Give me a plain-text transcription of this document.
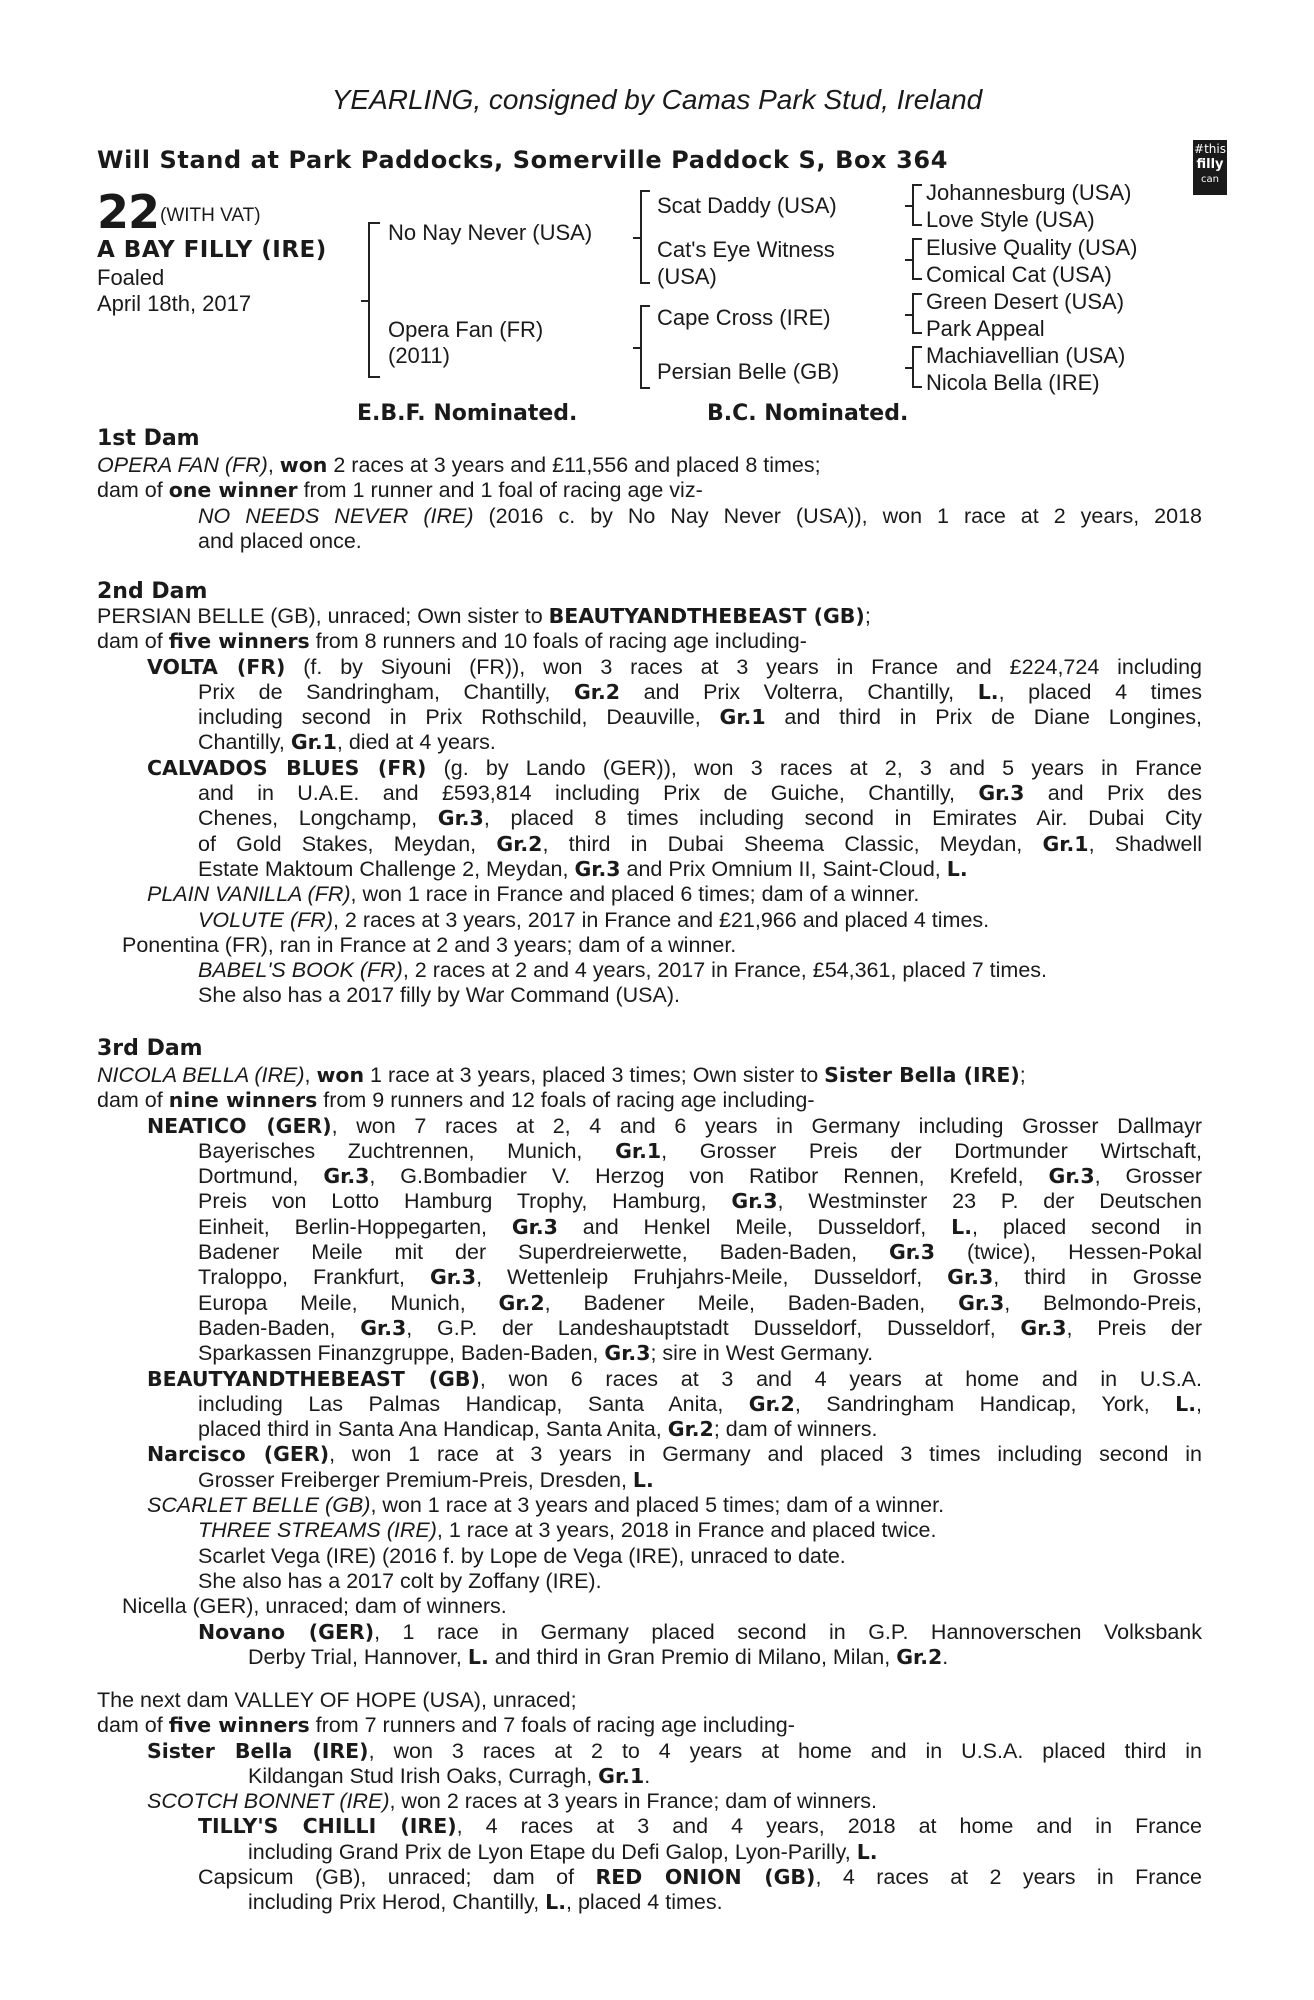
YEARLING, consigned by Camas Park Stud, Ireland
Will Stand at Park Paddocks, Somerville Paddock S, Box 364	#this
filly
can
22 (WITH VAT)
A BAY FILLY (IRE)
Foaled
April 18th, 2017
No Nay Never (USA)
Opera Fan (FR)
(2011)
Scat Daddy (USA)
Cat's Eye Witness
(USA)
Cape Cross (IRE)
Persian Belle (GB)
Johannesburg (USA)
Love Style (USA)
Elusive Quality (USA)
Comical Cat (USA)
Green Desert (USA)
Park Appeal
Machiavellian (USA)
Nicola Bella (IRE)
E.B.F. Nominated.	B.C. Nominated.
1st Dam
2nd Dam
3rd Dam
OPERA FAN (FR), won 2 races at 3 years and £11,556 and placed 8 times;
dam of one winner from 1 runner and 1 foal of racing age viz-
NO NEEDS NEVER (IRE) (2016 c. by No Nay Never (USA)), won 1 race at 2 years, 2018
and placed once.
PERSIAN BELLE (GB), unraced; Own sister to BEAUTYANDTHEBEAST (GB);
dam of five winners from 8 runners and 10 foals of racing age including-
VOLTA (FR) (f. by Siyouni (FR)), won 3 races at 3 years in France and £224,724 including
Prix de Sandringham, Chantilly, Gr.2 and Prix Volterra, Chantilly, L., placed 4 times
including second in Prix Rothschild, Deauville, Gr.1 and third in Prix de Diane Longines,
Chantilly, Gr.1, died at 4 years.
CALVADOS BLUES (FR) (g. by Lando (GER)), won 3 races at 2, 3 and 5 years in France
and in U.A.E. and £593,814 including Prix de Guiche, Chantilly, Gr.3 and Prix des
Chenes, Longchamp, Gr.3, placed 8 times including second in Emirates Air. Dubai City
of Gold Stakes, Meydan, Gr.2, third in Dubai Sheema Classic, Meydan, Gr.1, Shadwell
Estate Maktoum Challenge 2, Meydan, Gr.3 and Prix Omnium II, Saint-Cloud, L.
PLAIN VANILLA (FR), won 1 race in France and placed 6 times; dam of a winner.
VOLUTE (FR), 2 races at 3 years, 2017 in France and £21,966 and placed 4 times.
Ponentina (FR), ran in France at 2 and 3 years; dam of a winner.
BABEL'S BOOK (FR), 2 races at 2 and 4 years, 2017 in France, £54,361, placed 7 times.
She also has a 2017 filly by War Command (USA).
NICOLA BELLA (IRE), won 1 race at 3 years, placed 3 times; Own sister to Sister Bella (IRE);
dam of nine winners from 9 runners and 12 foals of racing age including-
NEATICO (GER), won 7 races at 2, 4 and 6 years in Germany including Grosser Dallmayr
Bayerisches Zuchtrennen, Munich, Gr.1, Grosser Preis der Dortmunder Wirtschaft,
Dortmund, Gr.3, G.Bombadier V. Herzog von Ratibor Rennen, Krefeld, Gr.3, Grosser
Preis von Lotto Hamburg Trophy, Hamburg, Gr.3, Westminster 23 P. der Deutschen
Einheit, Berlin-Hoppegarten, Gr.3 and Henkel Meile, Dusseldorf, L., placed second in
Badener Meile mit der Superdreierwette, Baden-Baden, Gr.3 (twice), Hessen-Pokal
Traloppo, Frankfurt, Gr.3, Wettenleip Fruhjahrs-Meile, Dusseldorf, Gr.3, third in Grosse
Europa Meile, Munich, Gr.2, Badener Meile, Baden-Baden, Gr.3, Belmondo-Preis,
Baden-Baden, Gr.3, G.P. der Landeshauptstadt Dusseldorf, Dusseldorf, Gr.3, Preis der
Sparkassen Finanzgruppe, Baden-Baden, Gr.3; sire in West Germany.
BEAUTYANDTHEBEAST (GB), won 6 races at 3 and 4 years at home and in U.S.A.
including Las Palmas Handicap, Santa Anita, Gr.2, Sandringham Handicap, York, L.,
placed third in Santa Ana Handicap, Santa Anita, Gr.2; dam of winners.
Narcisco (GER), won 1 race at 3 years in Germany and placed 3 times including second in
Grosser Freiberger Premium-Preis, Dresden, L.
SCARLET BELLE (GB), won 1 race at 3 years and placed 5 times; dam of a winner.
THREE STREAMS (IRE), 1 race at 3 years, 2018 in France and placed twice.
Scarlet Vega (IRE) (2016 f. by Lope de Vega (IRE), unraced to date.
She also has a 2017 colt by Zoffany (IRE).
Nicella (GER), unraced; dam of winners.
Novano (GER), 1 race in Germany placed second in G.P. Hannoverschen Volksbank
Derby Trial, Hannover, L. and third in Gran Premio di Milano, Milan, Gr.2.
The next dam VALLEY OF HOPE (USA), unraced;
dam of five winners from 7 runners and 7 foals of racing age including-
Sister Bella (IRE), won 3 races at 2 to 4 years at home and in U.S.A. placed third in
Kildangan Stud Irish Oaks, Curragh, Gr.1.
SCOTCH BONNET (IRE), won 2 races at 3 years in France; dam of winners.
TILLY'S CHILLI (IRE), 4 races at 3 and 4 years, 2018 at home and in France
including Grand Prix de Lyon Etape du Defi Galop, Lyon-Parilly, L.
Capsicum (GB), unraced; dam of RED ONION (GB), 4 races at 2 years in France
including Prix Herod, Chantilly, L., placed 4 times.
